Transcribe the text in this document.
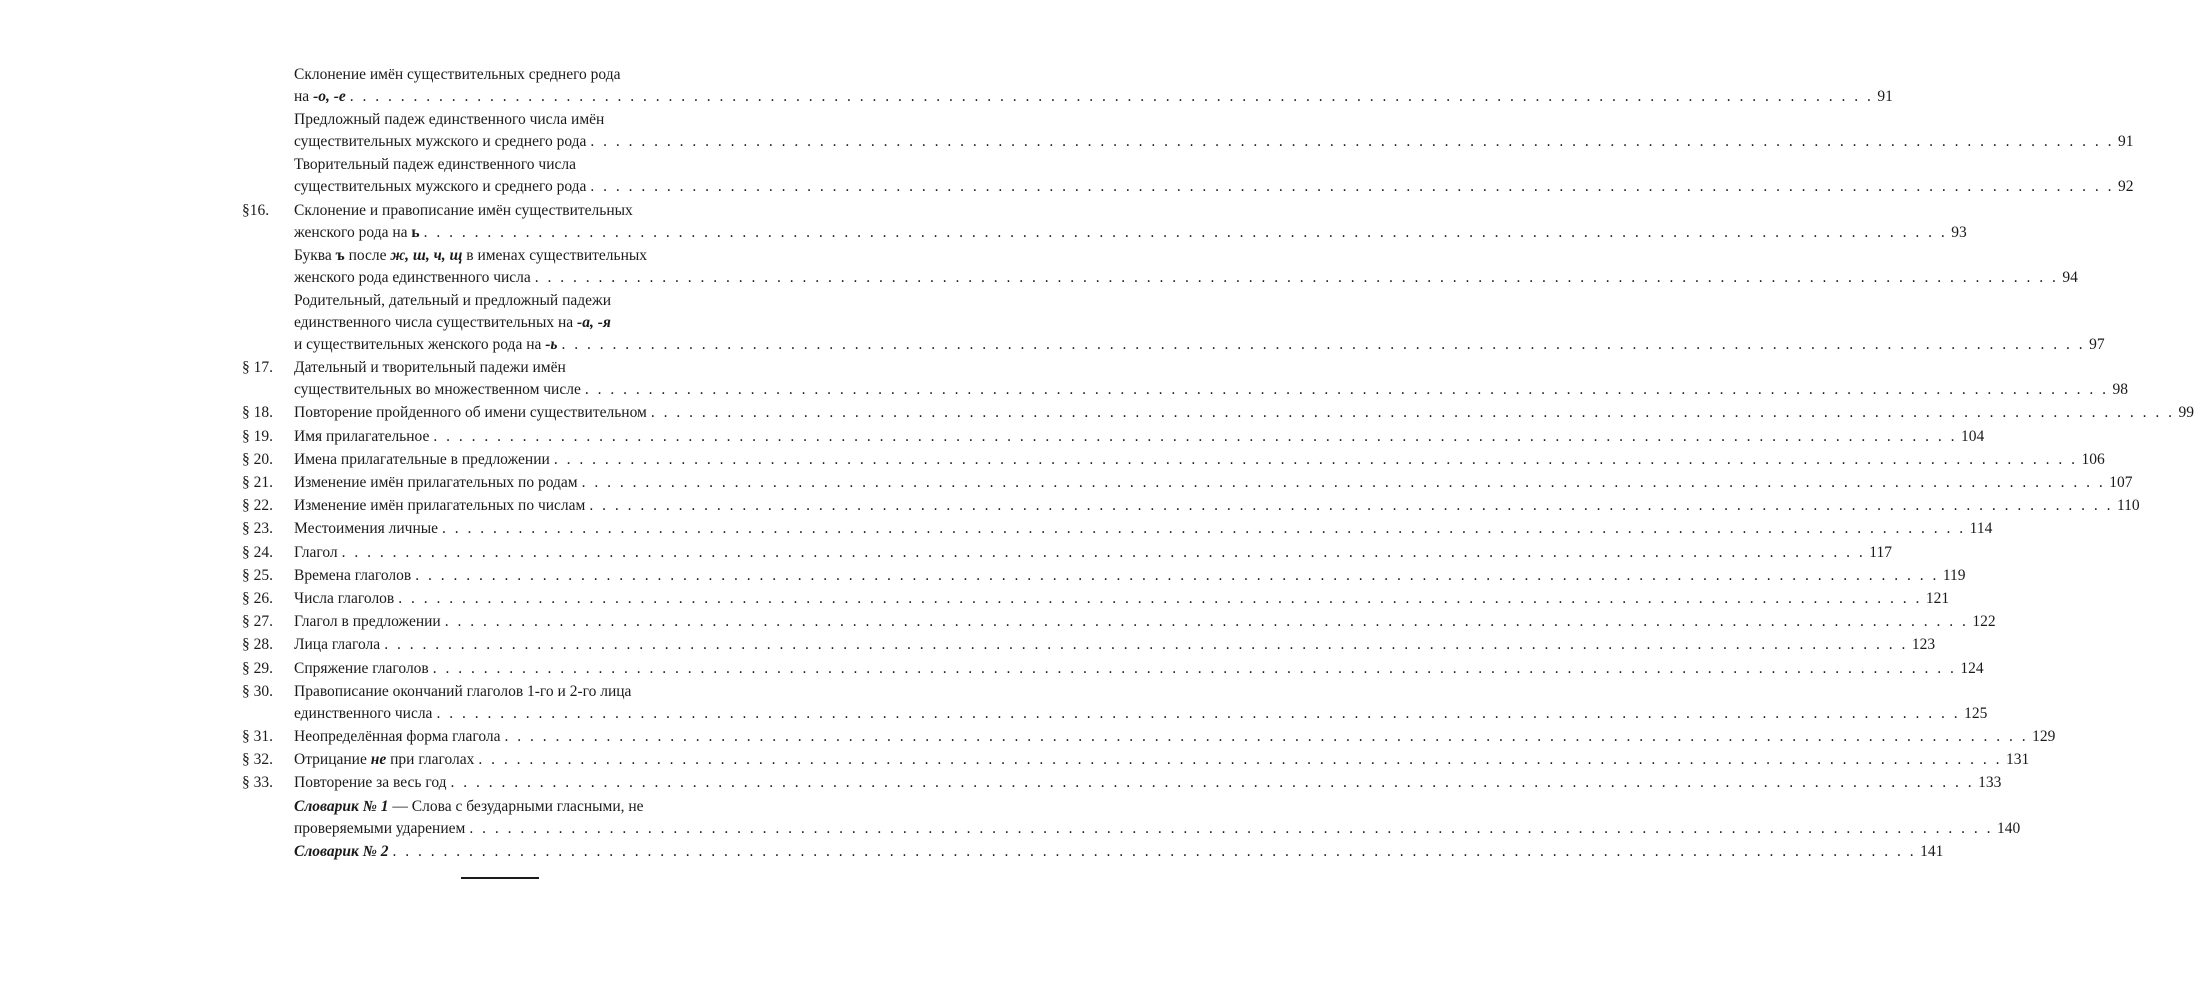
Склонение имён существительных среднего рода
на -о, -е . . . . . . . . . . . . . . . . . . . . . . . . . . . . . . . . . . . . . . . . . . . . . . . . . . . . . . . . . . . . . . . . . . . . . . . . . . . . . . . . . . . . . . . . . . . . . . . . . . . . . . . . . . . . . . . . . . . . . . . . 91
Предложный падеж единственного числа имён
существительных мужского и среднего рода . . . . . . . . . . . . . . . . . . . . . . . . . . . . . . . . . . . . . . . . . . . . . . . . . . . . . . . . . . . . . . . . . . . . . . . . . . . . . . . . . . . . . . . . . . . . . . . . . . . . . . . . . . . . . . . . . . . . . . . . 91
Творительный падеж единственного числа
существительных мужского и среднего рода . . . . . . . . . . . . . . . . . . . . . . . . . . . . . . . . . . . . . . . . . . . . . . . . . . . . . . . . . . . . . . . . . . . . . . . . . . . . . . . . . . . . . . . . . . . . . . . . . . . . . . . . . . . . . . . . . . . . . . . . 92
§16. Склонение и правописание имён существительных
женского рода на ь . . . . . . . . . . . . . . . . . . . . . . . . . . . . . . . . . . . . . . . . . . . . . . . . . . . . . . . . . . . . . . . . . . . . . . . . . . . . . . . . . . . . . . . . . . . . . . . . . . . . . . . . . . . . . . . . . . . . . . . . 93
Буква ъ после ж, ш, ч, щ в именах существительных
женского рода единственного числа . . . . . . . . . . . . . . . . . . . . . . . . . . . . . . . . . . . . . . . . . . . . . . . . . . . . . . . . . . . . . . . . . . . . . . . . . . . . . . . . . . . . . . . . . . . . . . . . . . . . . . . . . . . . . . . . . . . . . . . . 94
Родительный, дательный и предложный падежи
единственного числа существительных на -а, -я
и существительных женского рода на -ь . . . . . . . . . . . . . . . . . . . . . . . . . . . . . . . . . . . . . . . . . . . . . . . . . . . . . . . . . . . . . . . . . . . . . . . . . . . . . . . . . . . . . . . . . . . . . . . . . . . . . . . . . . . . . . . . . . . . . . . . 97
§ 17. Дательный и творительный падежи имён
существительных во множественном числе . . . . . . . . . . . . . . . . . . . . . . . . . . . . . . . . . . . . . . . . . . . . . . . . . . . . . . . . . . . . . . . . . . . . . . . . . . . . . . . . . . . . . . . . . . . . . . . . . . . . . . . . . . . . . . . . . . . . . . . . 98
§ 18. Повторение пройденного об имени существительном . . . . . . . . . . . . . . . . . . . . . . . . . . . . . . . . . . . . . . . . . . . . . . . . . . . . . . . . . . . . . . . . . . . . . . . . . . . . . . . . . . . . . . . . . . . . . . . . . . . . . . . . . . . . . . . . . . . . . . . . 99
§ 19. Имя прилагательное . . . . . . . . . . . . . . . . . . . . . . . . . . . . . . . . . . . . . . . . . . . . . . . . . . . . . . . . . . . . . . . . . . . . . . . . . . . . . . . . . . . . . . . . . . . . . . . . . . . . . . . . . . . . . . . . . . . . . . . . 104
§ 20. Имена прилагательные в предложении . . . . . . . . . . . . . . . . . . . . . . . . . . . . . . . . . . . . . . . . . . . . . . . . . . . . . . . . . . . . . . . . . . . . . . . . . . . . . . . . . . . . . . . . . . . . . . . . . . . . . . . . . . . . . . . . . . . . . . . . 106
§ 21. Изменение имён прилагательных по родам . . . . . . . . . . . . . . . . . . . . . . . . . . . . . . . . . . . . . . . . . . . . . . . . . . . . . . . . . . . . . . . . . . . . . . . . . . . . . . . . . . . . . . . . . . . . . . . . . . . . . . . . . . . . . . . . . . . . . . . . 107
§ 22. Изменение имён прилагательных по числам . . . . . . . . . . . . . . . . . . . . . . . . . . . . . . . . . . . . . . . . . . . . . . . . . . . . . . . . . . . . . . . . . . . . . . . . . . . . . . . . . . . . . . . . . . . . . . . . . . . . . . . . . . . . . . . . . . . . . . . . 110
§ 23. Местоимения личные . . . . . . . . . . . . . . . . . . . . . . . . . . . . . . . . . . . . . . . . . . . . . . . . . . . . . . . . . . . . . . . . . . . . . . . . . . . . . . . . . . . . . . . . . . . . . . . . . . . . . . . . . . . . . . . . . . . . . . . . 114
§ 24. Глагол . . . . . . . . . . . . . . . . . . . . . . . . . . . . . . . . . . . . . . . . . . . . . . . . . . . . . . . . . . . . . . . . . . . . . . . . . . . . . . . . . . . . . . . . . . . . . . . . . . . . . . . . . . . . . . . . . . . . . . . . 117
§ 25. Времена глаголов . . . . . . . . . . . . . . . . . . . . . . . . . . . . . . . . . . . . . . . . . . . . . . . . . . . . . . . . . . . . . . . . . . . . . . . . . . . . . . . . . . . . . . . . . . . . . . . . . . . . . . . . . . . . . . . . . . . . . . . . 119
§ 26. Числа глаголов . . . . . . . . . . . . . . . . . . . . . . . . . . . . . . . . . . . . . . . . . . . . . . . . . . . . . . . . . . . . . . . . . . . . . . . . . . . . . . . . . . . . . . . . . . . . . . . . . . . . . . . . . . . . . . . . . . . . . . . . 121
§ 27. Глагол в предложении . . . . . . . . . . . . . . . . . . . . . . . . . . . . . . . . . . . . . . . . . . . . . . . . . . . . . . . . . . . . . . . . . . . . . . . . . . . . . . . . . . . . . . . . . . . . . . . . . . . . . . . . . . . . . . . . . . . . . . . . 122
§ 28. Лица глагола . . . . . . . . . . . . . . . . . . . . . . . . . . . . . . . . . . . . . . . . . . . . . . . . . . . . . . . . . . . . . . . . . . . . . . . . . . . . . . . . . . . . . . . . . . . . . . . . . . . . . . . . . . . . . . . . . . . . . . . . 123
§ 29. Спряжение глаголов . . . . . . . . . . . . . . . . . . . . . . . . . . . . . . . . . . . . . . . . . . . . . . . . . . . . . . . . . . . . . . . . . . . . . . . . . . . . . . . . . . . . . . . . . . . . . . . . . . . . . . . . . . . . . . . . . . . . . . . . 124
§ 30. Правописание окончаний глаголов 1-го и 2-го лица
единственного числа . . . . . . . . . . . . . . . . . . . . . . . . . . . . . . . . . . . . . . . . . . . . . . . . . . . . . . . . . . . . . . . . . . . . . . . . . . . . . . . . . . . . . . . . . . . . . . . . . . . . . . . . . . . . . . . . . . . . . . . . 125
§ 31. Неопределённая форма глагола . . . . . . . . . . . . . . . . . . . . . . . . . . . . . . . . . . . . . . . . . . . . . . . . . . . . . . . . . . . . . . . . . . . . . . . . . . . . . . . . . . . . . . . . . . . . . . . . . . . . . . . . . . . . . . . . . . . . . . . . 129
§ 32. Отрицание не при глаголах . . . . . . . . . . . . . . . . . . . . . . . . . . . . . . . . . . . . . . . . . . . . . . . . . . . . . . . . . . . . . . . . . . . . . . . . . . . . . . . . . . . . . . . . . . . . . . . . . . . . . . . . . . . . . . . . . . . . . . . . 131
§ 33. Повторение за весь год . . . . . . . . . . . . . . . . . . . . . . . . . . . . . . . . . . . . . . . . . . . . . . . . . . . . . . . . . . . . . . . . . . . . . . . . . . . . . . . . . . . . . . . . . . . . . . . . . . . . . . . . . . . . . . . . . . . . . . . . 133
Словарик № 1 — Слова с безударными гласными, не
проверяемыми ударением . . . . . . . . . . . . . . . . . . . . . . . . . . . . . . . . . . . . . . . . . . . . . . . . . . . . . . . . . . . . . . . . . . . . . . . . . . . . . . . . . . . . . . . . . . . . . . . . . . . . . . . . . . . . . . . . . . . . . . . . 140
Словарик № 2 . . . . . . . . . . . . . . . . . . . . . . . . . . . . . . . . . . . . . . . . . . . . . . . . . . . . . . . . . . . . . . . . . . . . . . . . . . . . . . . . . . . . . . . . . . . . . . . . . . . . . . . . . . . . . . . . . . . . . . . . 141
